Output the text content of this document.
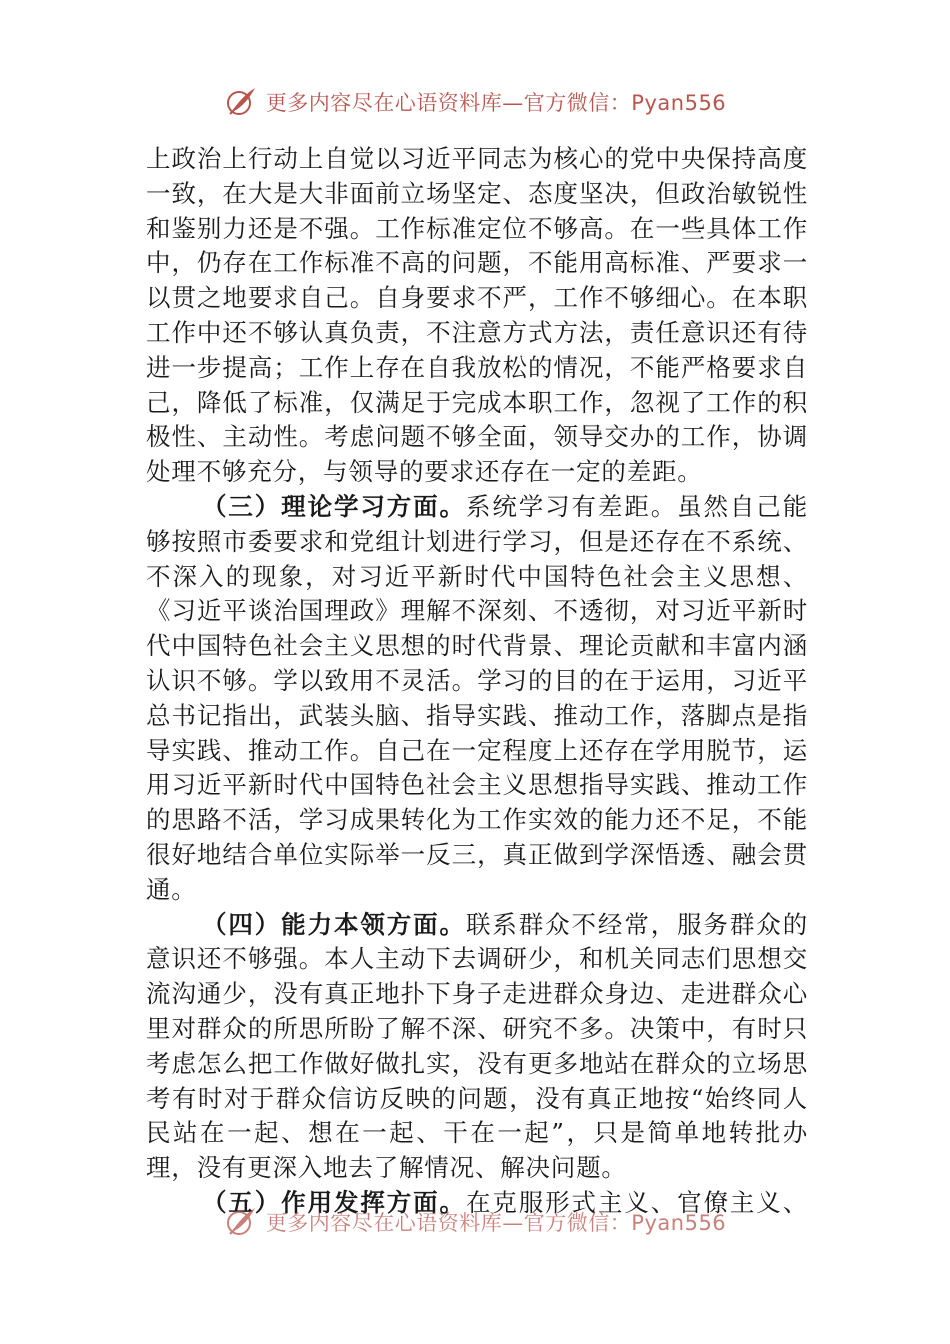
更多内容尽在心语资料库—官方微信：Pyan556

上政治上行动上自觉以习近平同志为核心的党中央保持高度一致，在大是大非面前立场坚定、态度坚决，但政治敏锐性和鉴别力还是不强。工作标准定位不够高。在一些具体工作中，仍存在工作标准不高的问题，不能用高标准、严要求一以贯之地要求自己。自身要求不严，工作不够细心。在本职工作中还不够认真负责，不注意方式方法，责任意识还有待进一步提高；工作上存在自我放松的情况，不能严格要求自己，降低了标准，仅满足于完成本职工作，忽视了工作的积极性、主动性。考虑问题不够全面，领导交办的工作，协调处理不够充分，与领导的要求还存在一定的差距。

（三）理论学习方面。系统学习有差距。虽然自己能够按照市委要求和党组计划进行学习，但是还存在不系统、不深入的现象，对习近平新时代中国特色社会主义思想、《习近平谈治国理政》理解不深刻、不透彻，对习近平新时代中国特色社会主义思想的时代背景、理论贡献和丰富内涵认识不够。学以致用不灵活。学习的目的在于运用，习近平总书记指出，武装头脑、指导实践、推动工作，落脚点是指导实践、推动工作。自己在一定程度上还存在学用脱节，运用习近平新时代中国特色社会主义思想指导实践、推动工作的思路不活，学习成果转化为工作实效的能力还不足，不能很好地结合单位实际举一反三，真正做到学深悟透、融会贯通。

（四）能力本领方面。联系群众不经常，服务群众的意识还不够强。本人主动下去调研少，和机关同志们思想交流沟通少，没有真正地扑下身子走进群众身边、走进群众心里对群众的所思所盼了解不深、研究不多。决策中，有时只考虑怎么把工作做好做扎实，没有更多地站在群众的立场思考有时对于群众信访反映的问题，没有真正地按“始终同人民站在一起、想在一起、干在一起”，只是简单地转批办理，没有更深入地去了解情况、解决问题。

（五）作用发挥方面。在克服形式主义、官僚主义、

更多内容尽在心语资料库—官方微信：Pyan556
